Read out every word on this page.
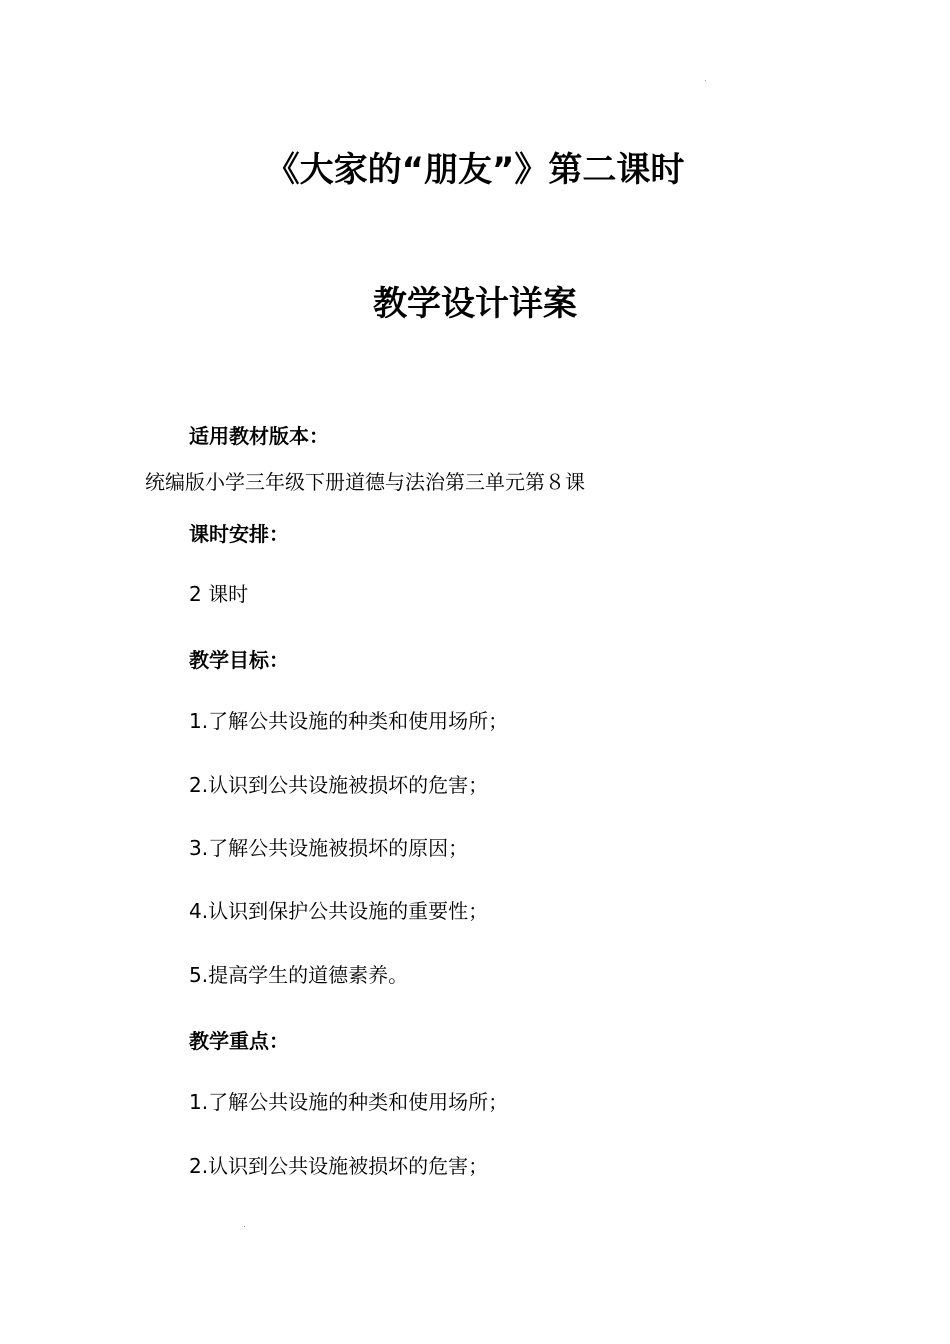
《大家的“朋友”》第二课时
教学设计详案
适用教材版本：
统编版小学三年级下册道德与法治第三单元第８课
课时安排：
2 课时
教学目标：
1.了解公共设施的种类和使用场所；
2.认识到公共设施被损坏的危害；
3.了解公共设施被损坏的原因；
4.认识到保护公共设施的重要性；
5.提高学生的道德素养。
教学重点：
1.了解公共设施的种类和使用场所；
2.认识到公共设施被损坏的危害；
